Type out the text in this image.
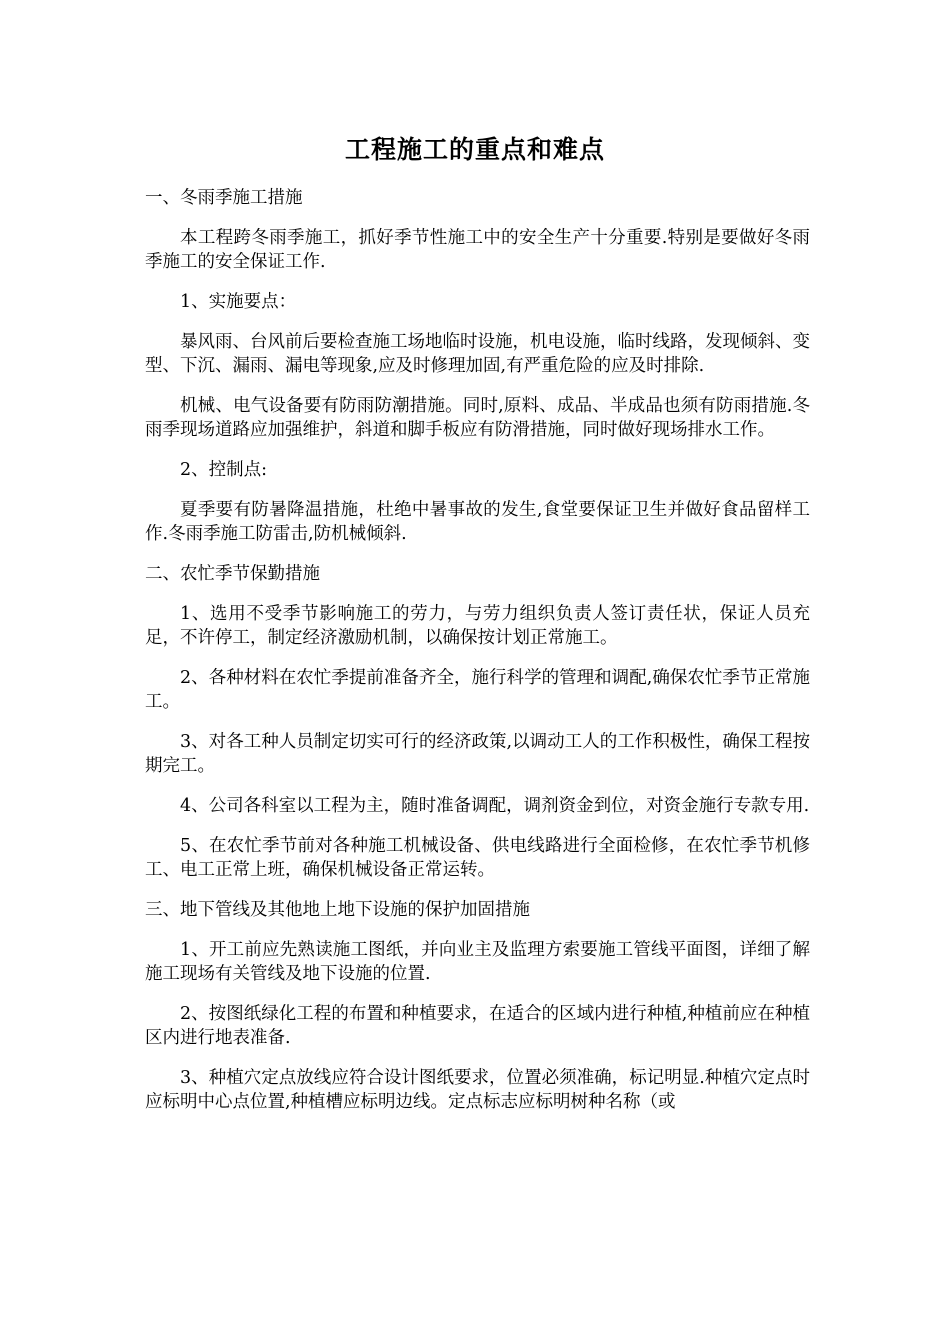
工程施工的重点和难点

一、冬雨季施工措施

本工程跨冬雨季施工，抓好季节性施工中的安全生产十分重要.特别是要做好冬雨季施工的安全保证工作.

1、实施要点：

暴风雨、台风前后要检查施工场地临时设施，机电设施，临时线路，发现倾斜、变型、下沉、漏雨、漏电等现象,应及时修理加固,有严重危险的应及时排除.

机械、电气设备要有防雨防潮措施。同时,原料、成品、半成品也须有防雨措施.冬雨季现场道路应加强维护，斜道和脚手板应有防滑措施，同时做好现场排水工作。

2、控制点:

夏季要有防暑降温措施，杜绝中暑事故的发生,食堂要保证卫生并做好食品留样工作.冬雨季施工防雷击,防机械倾斜.

二、农忙季节保勤措施

1、选用不受季节影响施工的劳力，与劳力组织负责人签订责任状，保证人员充足，不许停工，制定经济激励机制，以确保按计划正常施工。

2、各种材料在农忙季提前准备齐全，施行科学的管理和调配,确保农忙季节正常施工。

3、对各工种人员制定切实可行的经济政策,以调动工人的工作积极性，确保工程按期完工。

4、公司各科室以工程为主，随时准备调配，调剂资金到位，对资金施行专款专用.

5、在农忙季节前对各种施工机械设备、供电线路进行全面检修，在农忙季节机修工、电工正常上班，确保机械设备正常运转。

三、地下管线及其他地上地下设施的保护加固措施

1、开工前应先熟读施工图纸，并向业主及监理方索要施工管线平面图，详细了解施工现场有关管线及地下设施的位置.

2、按图纸绿化工程的布置和种植要求，在适合的区域内进行种植,种植前应在种植区内进行地表准备.

3、种植穴定点放线应符合设计图纸要求，位置必须准确，标记明显.种植穴定点时应标明中心点位置,种植槽应标明边线。定点标志应标明树种名称（或
